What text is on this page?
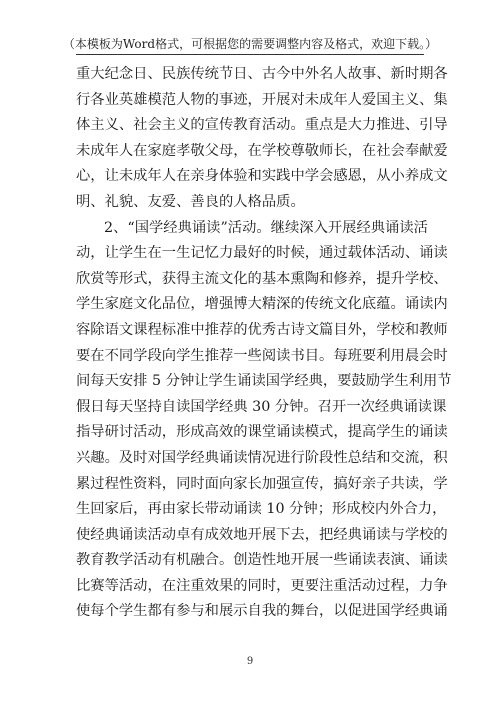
（本模板为Word格式，可根据您的需要调整内容及格式，欢迎下载。）
重大纪念日、民族传统节日、古今中外名人故事、新时期各
行各业英雄模范人物的事迹，开展对未成年人爱国主义、集
体主义、社会主义的宣传教育活动。重点是大力推进、引导
未成年人在家庭孝敬父母，在学校尊敬师长，在社会奉献爱
心，让未成年人在亲身体验和实践中学会感恩，从小养成文
明、礼貌、友爱、善良的人格品质。
2、“国学经典诵读”活动。继续深入开展经典诵读活
动，让学生在一生记忆力最好的时候，通过载体活动、诵读
欣赏等形式，获得主流文化的基本熏陶和修养，提升学校、
学生家庭文化品位，增强博大精深的传统文化底蕴。诵读内
容除语文课程标准中推荐的优秀古诗文篇目外，学校和教师
要在不同学段向学生推荐一些阅读书目。每班要利用晨会时
间每天安排 5 分钟让学生诵读国学经典，要鼓励学生利用节
假日每天坚持自读国学经典 30 分钟。召开一次经典诵读课
指导研讨活动，形成高效的课堂诵读模式，提高学生的诵读
兴趣。及时对国学经典诵读情况进行阶段性总结和交流，积
累过程性资料，同时面向家长加强宣传，搞好亲子共读，学
生回家后，再由家长带动诵读 10 分钟；形成校内外合力，
使经典诵读活动卓有成效地开展下去，把经典诵读与学校的
教育教学活动有机融合。创造性地开展一些诵读表演、诵读
比赛等活动，在注重效果的同时，更要注重活动过程，力争
使每个学生都有参与和展示自我的舞台，以促进国学经典诵
9
